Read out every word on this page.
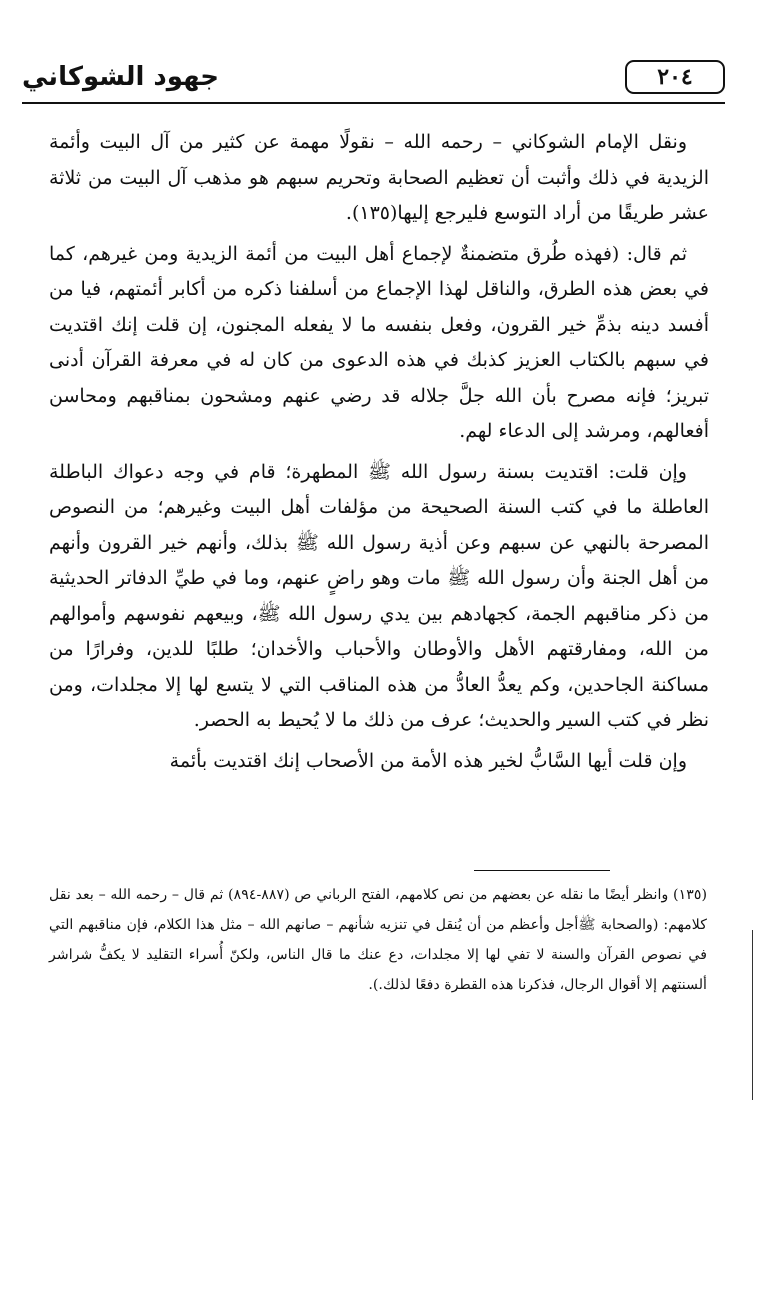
٢٠٤
جهود الشوكاني

ونقل الإمام الشوكاني – رحمه الله – نقولًا مهمة عن كثير من آل البيت وأئمة الزيدية في ذلك وأثبت أن تعظيم الصحابة وتحريم سبهم هو مذهب آل البيت من ثلاثة عشر طريقًا من أراد التوسع فليرجع إليها(١٣٥).

ثم قال: (فهذه طُرق متضمنةٌ لإجماع أهل البيت من أئمة الزيدية ومن غيرهم، كما في بعض هذه الطرق، والناقل لهذا الإجماع من أسلفنا ذكره من أكابر أئمتهم، فيا من أفسد دينه بذمِّ خير القرون، وفعل بنفسه ما لا يفعله المجنون، إن قلت إنك اقتديت في سبهم بالكتاب العزيز كذبك في هذه الدعوى من كان له في معرفة القرآن أدنى تبريز؛ فإنه مصرح بأن الله جلَّ جلاله قد رضي عنهم ومشحون بمناقبهم ومحاسن أفعالهم، ومرشد إلى الدعاء لهم.

وإن قلت: اقتديت بسنة رسول الله ﷺ المطهرة؛ قام في وجه دعواك الباطلة العاطلة ما في كتب السنة الصحيحة من مؤلفات أهل البيت وغيرهم؛ من النصوص المصرحة بالنهي عن سبهم وعن أذية رسول الله ﷺ بذلك، وأنهم خير القرون وأنهم من أهل الجنة وأن رسول الله ﷺ مات وهو راضٍ عنهم، وما في طيِّ الدفاتر الحديثية من ذكر مناقبهم الجمة، كجهادهم بين يدي رسول الله ﷺ، وبيعهم نفوسهم وأموالهم من الله، ومفارقتهم الأهل والأوطان والأحباب والأخدان؛ طلبًا للدين، وفرارًا من مساكنة الجاحدين، وكم يعدُّ العادُّ من هذه المناقب التي لا يتسع لها إلا مجلدات، ومن نظر في كتب السير والحديث؛ عرف من ذلك ما لا يُحيط به الحصر.

وإن قلت أيها السَّابُّ لخير هذه الأمة من الأصحاب إنك اقتديت بأئمة

(١٣٥) وانظر أيضًا ما نقله عن بعضهم من نص كلامهم، الفتح الرباني ص (٨٨٧-٨٩٤) ثم قال – رحمه الله – بعد نقل كلامهم: (والصحابة ﷺأجل وأعظم من أن يُنقل في تنزيه شأنهم – صانهم الله – مثل هذا الكلام، فإن مناقبهم التي في نصوص القرآن والسنة لا تفي لها إلا مجلدات، دع عنك ما قال الناس، ولكنّ أُسراء التقليد لا يكفُّ شراشر ألسنتهم إلا أقوال الرجال، فذكرنا هذه القطرة دفعًا لذلك.).
